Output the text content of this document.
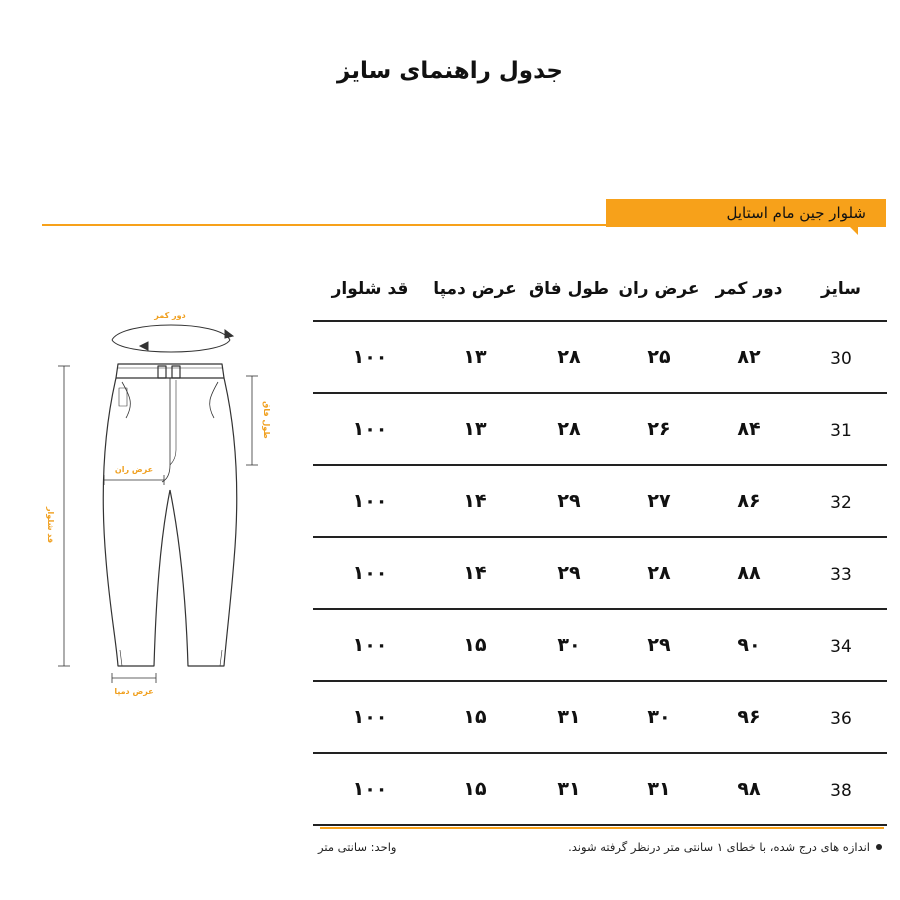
جدول راهنمای سایز
شلوار جین مام استایل
دور کمر
طول فاق
عرض ران
قد شلوار
عرض دمپا
قد شلوار	عرض دمپا	طول فاق	عرض ران	دور کمر	سایز
۱۰۰	۱۳	۲۸	۲۵	۸۲	30
۱۰۰	۱۳	۲۸	۲۶	۸۴	31
۱۰۰	۱۴	۲۹	۲۷	۸۶	32
۱۰۰	۱۴	۲۹	۲۸	۸۸	33
۱۰۰	۱۵	۳۰	۲۹	۹۰	34
۱۰۰	۱۵	۳۱	۳۰	۹۶	36
۱۰۰	۱۵	۳۱	۳۱	۹۸	38
اندازه های درج شده، با خطای ۱ سانتی متر درنظر گرفته شوند.
واحد: سانتی متر
